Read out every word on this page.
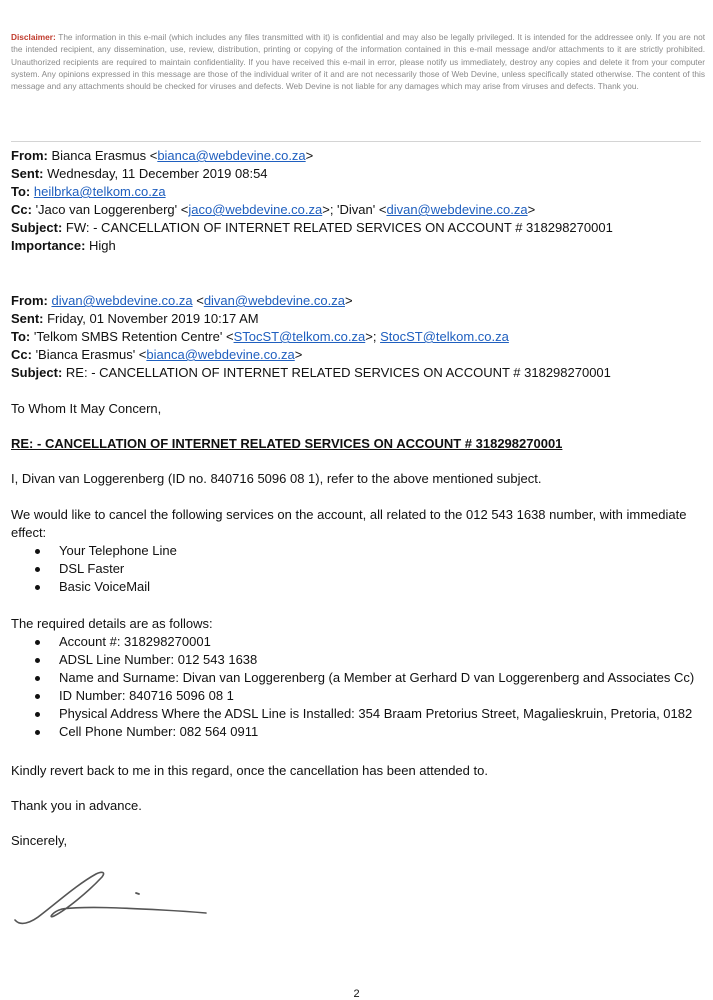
Disclaimer: The information in this e-mail (which includes any files transmitted with it) is confidential and may also be legally privileged. It is intended for the addressee only. If you are not the intended recipient, any dissemination, use, review, distribution, printing or copying of the information contained in this e-mail message and/or attachments to it are strictly prohibited. Unauthorized recipients are required to maintain confidentiality. If you have received this e-mail in error, please notify us immediately, destroy any copies and delete it from your computer system. Any opinions expressed in this message are those of the individual writer of it and are not necessarily those of Web Devine, unless specifically stated otherwise. The content of this message and any attachments should be checked for viruses and defects. Web Devine is not liable for any damages which may arise from viruses and defects. Thank you.
From: Bianca Erasmus <bianca@webdevine.co.za>
Sent: Wednesday, 11 December 2019 08:54
To: heilbrka@telkom.co.za
Cc: 'Jaco van Loggerenberg' <jaco@webdevine.co.za>; 'Divan' <divan@webdevine.co.za>
Subject: FW: - CANCELLATION OF INTERNET RELATED SERVICES ON ACCOUNT # 318298270001
Importance: High
From: divan@webdevine.co.za <divan@webdevine.co.za>
Sent: Friday, 01 November 2019 10:17 AM
To: 'Telkom SMBS Retention Centre' <STocST@telkom.co.za>; StocST@telkom.co.za
Cc: 'Bianca Erasmus' <bianca@webdevine.co.za>
Subject: RE: - CANCELLATION OF INTERNET RELATED SERVICES ON ACCOUNT # 318298270001

To Whom It May Concern,

RE: - CANCELLATION OF INTERNET RELATED SERVICES ON ACCOUNT # 318298270001

I, Divan van Loggerenberg (ID no. 840716 5096 08 1), refer to the above mentioned subject.

We would like to cancel the following services on the account, all related to the 012 543 1638 number, with immediate effect:

Your Telephone Line
DSL Faster
Basic VoiceMail

The required details are as follows:

Account #: 318298270001
ADSL Line Number: 012 543 1638
Name and Surname: Divan van Loggerenberg (a Member at Gerhard D van Loggerenberg and Associates Cc)
ID Number: 840716 5096 08 1
Physical Address Where the ADSL Line is Installed: 354 Braam Pretorius Street, Magalieskruin, Pretoria, 0182
Cell Phone Number: 082 564 0911

Kindly revert back to me in this regard, once the cancellation has been attended to.

Thank you in advance.

Sincerely,

2
